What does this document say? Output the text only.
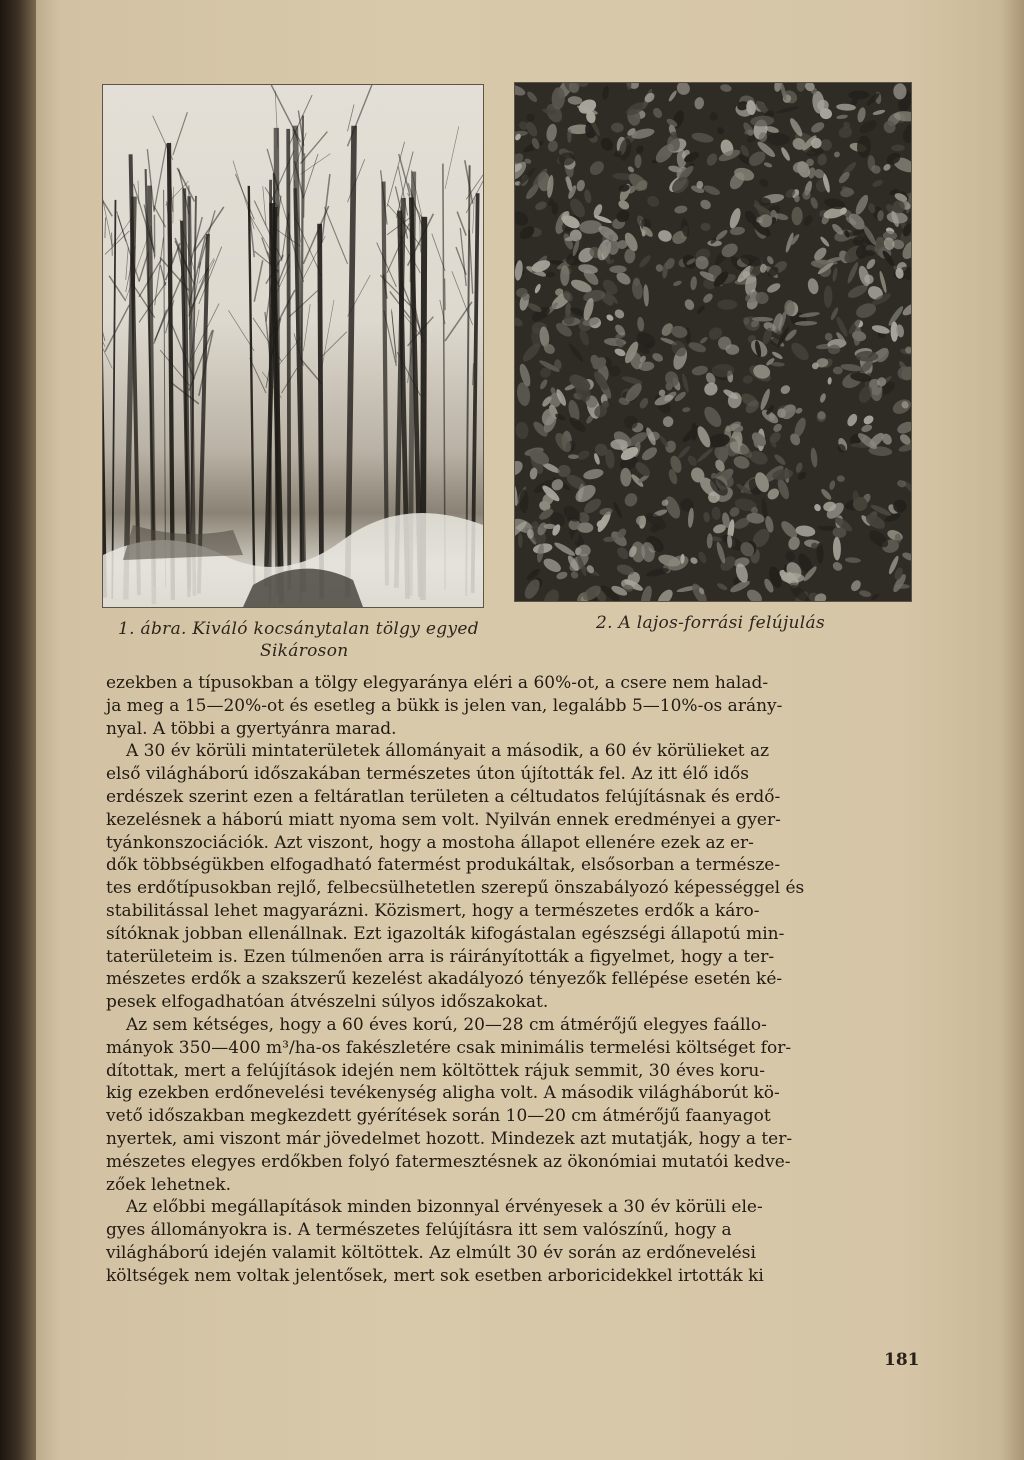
1. ábra. Kiváló kocsánytalan tölgy egyed
Sikároson
2. A lajos-forrási felújulás
ezekben a típusokban a tölgy elegyaránya eléri a 60%-ot, a csere nem halad-
ja meg a 15—20%-ot és esetleg a bükk is jelen van, legalább 5—10%-os arány-
nyal. A többi a gyertyánra marad.
A 30 év körüli mintaterületek állományait a második, a 60 év körülieket az
első világháború időszakában természetes úton újították fel. Az itt élő idős
erdészek szerint ezen a feltáratlan területen a céltudatos felújításnak és erdő-
kezelésnek a háború miatt nyoma sem volt. Nyilván ennek eredményei a gyer-
tyánkonszociációk. Azt viszont, hogy a mostoha állapot ellenére ezek az er-
dők többségükben elfogadható fatermést produkáltak, elsősorban a természe-
tes erdőtípusokban rejlő, felbecsülhetetlen szerepű önszabályozó képességgel és
stabilitással lehet magyarázni. Közismert, hogy a természetes erdők a káro-
sítóknak jobban ellenállnak. Ezt igazolták kifogástalan egészségi állapotú min-
taterületeim is. Ezen túlmenően arra is ráirányították a figyelmet, hogy a ter-
mészetes erdők a szakszerű kezelést akadályozó tényezők fellépése esetén ké-
pesek elfogadhatóan átvészelni súlyos időszakokat.
Az sem kétséges, hogy a 60 éves korú, 20—28 cm átmérőjű elegyes faállo-
mányok 350—400 m³/ha-os fakészletére csak minimális termelési költséget for-
dítottak, mert a felújítások idején nem költöttek rájuk semmit, 30 éves koru-
kig ezekben erdőnevelési tevékenység aligha volt. A második világháborút kö-
vető időszakban megkezdett gyérítések során 10—20 cm átmérőjű faanyagot
nyertek, ami viszont már jövedelmet hozott. Mindezek azt mutatják, hogy a ter-
mészetes elegyes erdőkben folyó fatermesztésnek az ökonómiai mutatói kedve-
zőek lehetnek.
Az előbbi megállapítások minden bizonnyal érvényesek a 30 év körüli ele-
gyes állományokra is. A természetes felújításra itt sem valószínű, hogy a
világháború idején valamit költöttek. Az elmúlt 30 év során az erdőnevelési
költségek nem voltak jelentősek, mert sok esetben arboricidekkel irtották ki
181
